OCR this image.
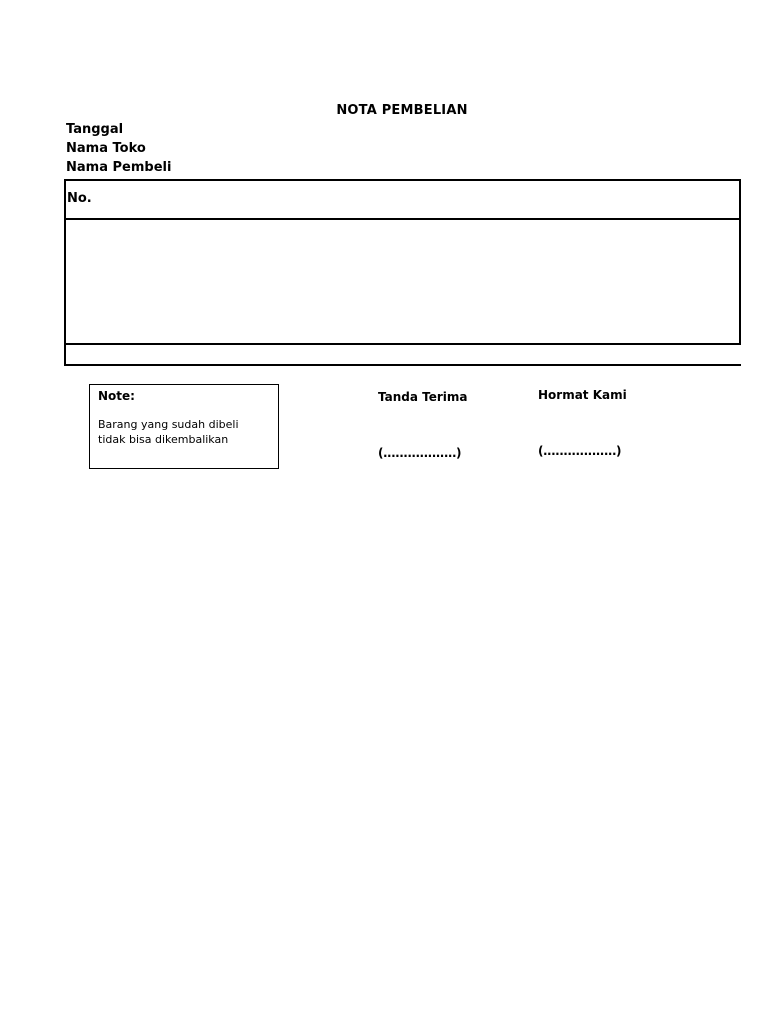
NOTA PEMBELIAN
Tanggal
Nama Toko
Nama Pembeli
No.
Note:
Barang yang sudah dibeli
tidak bisa dikembalikan
Tanda Terima
(..................)
Hormat Kami
(..................)
